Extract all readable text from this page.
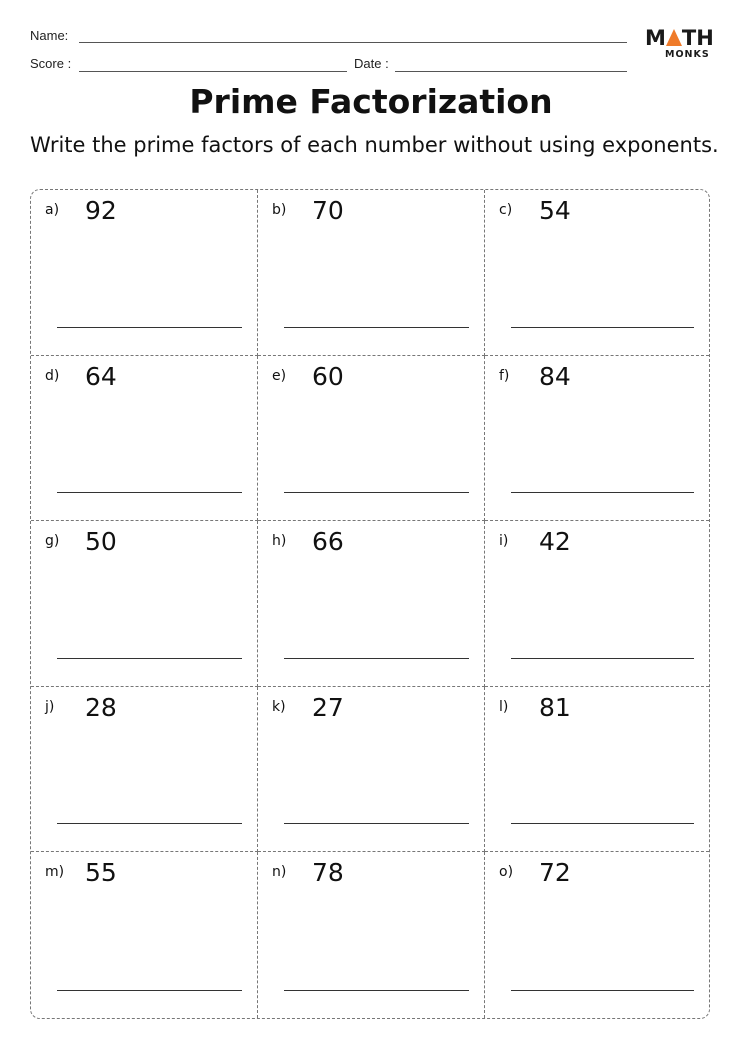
Name:
Score :	Date :
M TH
MONKS
Prime Factorization

Write the prime factors of each number without using exponents.

a) 92	b) 70	c) 54
d) 64	e) 60	f) 84
g) 50	h) 66	i) 42
j) 28	k) 27	l) 81
m) 55	n) 78	o) 72
